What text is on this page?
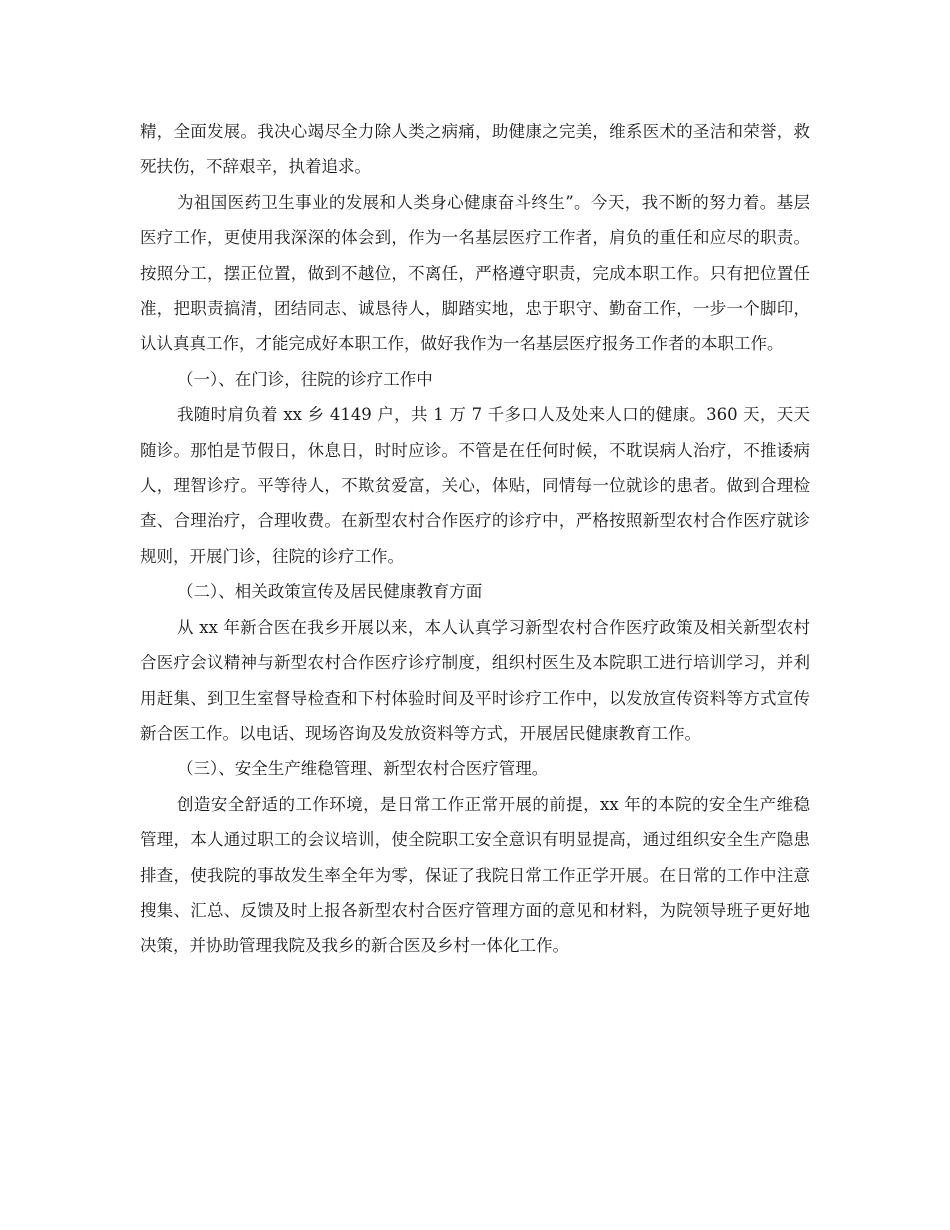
精，全面发展。我决心竭尽全力除人类之病痛，助健康之完美，维系医术的圣洁和荣誉，救死扶伤，不辞艰辛，执着追求。

为祖国医药卫生事业的发展和人类身心健康奋斗终生”。今天，我不断的努力着。基层医疗工作，更使用我深深的体会到，作为一名基层医疗工作者，肩负的重任和应尽的职责。按照分工，摆正位置，做到不越位，不离任，严格遵守职责，完成本职工作。只有把位置任准，把职责搞清，团结同志、诚恳待人，脚踏实地，忠于职守、勤奋工作，一步一个脚印，认认真真工作，才能完成好本职工作，做好我作为一名基层医疗报务工作者的本职工作。

（一）、在门诊，往院的诊疗工作中

我随时肩负着 xx 乡 4149 户，共 1 万 7 千多口人及处来人口的健康。360 天，天天随诊。那怕是节假日，休息日，时时应诊。不管是在任何时候，不耽误病人治疗，不推诿病人，理智诊疗。平等待人，不欺贫爱富，关心，体贴，同情每一位就诊的患者。做到合理检查、合理治疗，合理收费。在新型农村合作医疗的诊疗中，严格按照新型农村合作医疗就诊规则，开展门诊，往院的诊疗工作。

（二）、相关政策宣传及居民健康教育方面

从 xx 年新合医在我乡开展以来，本人认真学习新型农村合作医疗政策及相关新型农村合医疗会议精神与新型农村合作医疗诊疗制度，组织村医生及本院职工进行培训学习，并利用赶集、到卫生室督导检查和下村体验时间及平时诊疗工作中，以发放宣传资料等方式宣传新合医工作。以电话、现场咨询及发放资料等方式，开展居民健康教育工作。

（三）、安全生产维稳管理、新型农村合医疗管理。

创造安全舒适的工作环境，是日常工作正常开展的前提，xx 年的本院的安全生产维稳管理，本人通过职工的会议培训，使全院职工安全意识有明显提高，通过组织安全生产隐患排查，使我院的事故发生率全年为零，保证了我院日常工作正学开展。在日常的工作中注意搜集、汇总、反馈及时上报各新型农村合医疗管理方面的意见和材料，为院领导班子更好地决策，并协助管理我院及我乡的新合医及乡村一体化工作。
